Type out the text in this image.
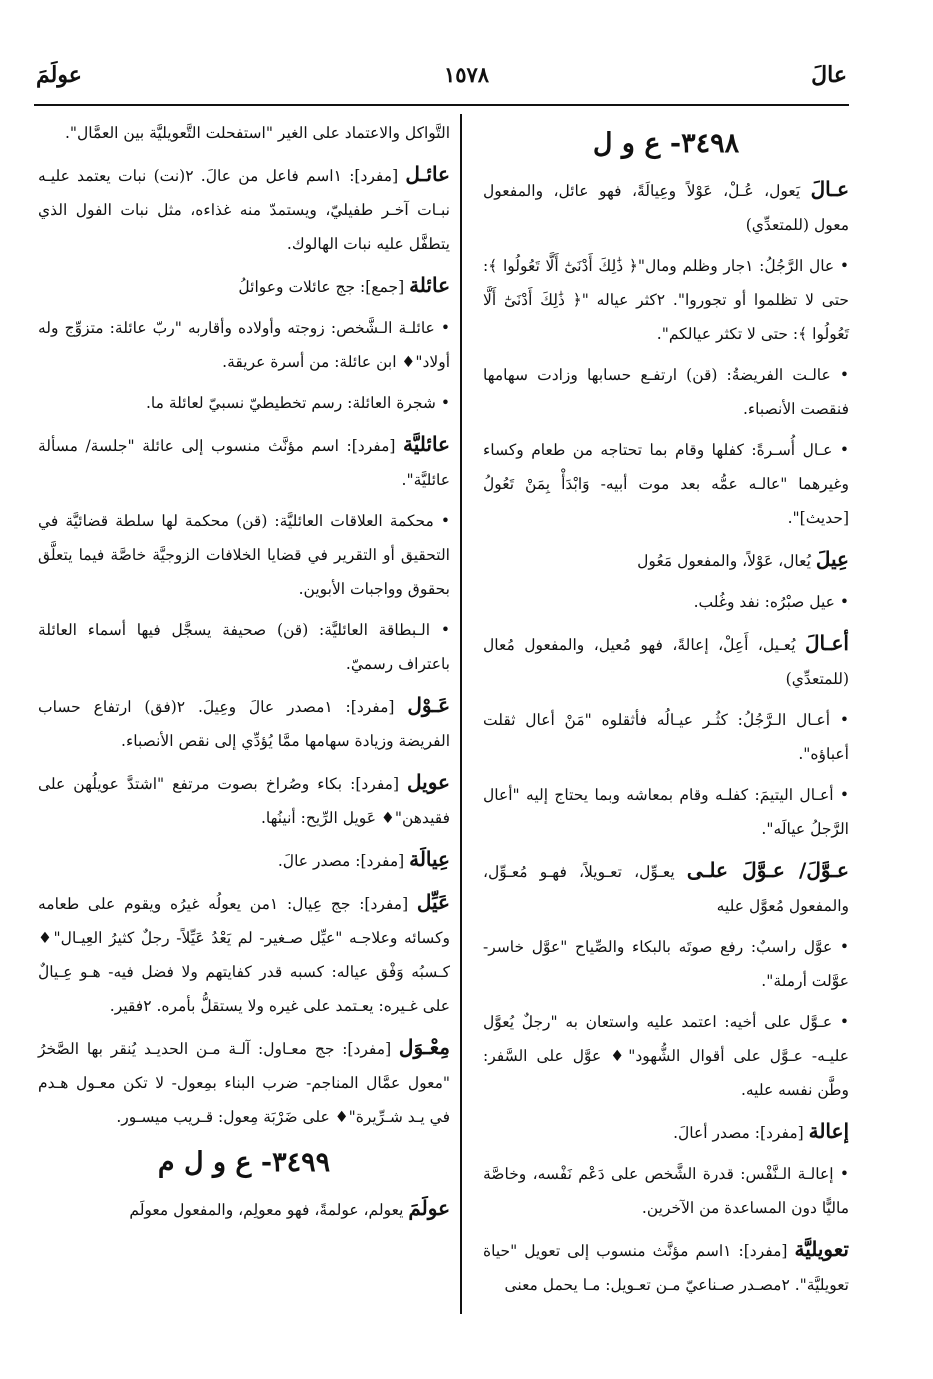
عالَ
١٥٧٨
عولَمَ

٣٤٩٨- ع و ل

عـالَ يَعول، عُـلْ، عَوْلاً وعِيالَةً، فهو عائل، والمفعول معول (للمتعدِّي)

• عال الرَّجُلُ: ١جار وظلم ومال"﴿ ذَٰلِكَ أَدْنَىٰٓ أَلَّا تَعُولُوا ﴾: حتى لا تظلموا أو تجوروا". ٢كثر عياله "﴿ ذَٰلِكَ أَدْنَىٰٓ أَلَّا تَعُولُوا ﴾: حتى لا تكثر عيالكم".

• عالـت الفريضةُ: (قن) ارتفـع حسابها وزادت سهامها فنقصت الأنصباء.

• عـال أُسـرةً: كفلها وقام بما تحتاجه من طعام وكساء وغيرهما "عالـه عمُّه بعد موت أبيه- وَابْدَأْ بِمَنْ تَعُولُ [حديث]".

عِيلَ يُعال، عَوْلاً، والمفعول مَعُول

• عيل صبْرُه: نفد وغُلب.

أعـالَ يُعـيل، أَعِلْ، إعالةً، فهو مُعيل، والمفعول مُعال (للمتعدِّي)

• أعـال الـرَّجُلُ: كثُـر عيـالُه فأثقلوه "مَنْ أعال ثقلت أعباؤه".

• أعـال اليتيمَ: كفلـه وقام بمعاشه وبما يحتاج إليه "أعال الرَّجلُ عيالَه".

عـوَّلَ/ عـوَّلَ علـى يعـوِّل، تعـويلاً، فهـو مُعـوِّل، والمفعول مُعوَّل عليه

• عوَّل راسبٌ: رفع صوتَه بالبكاء والصِّياح "عوَّل خاسر- عوَّلت أرملة".

• عـوَّل على أخيه: اعتمد عليه واستعان به "رجلٌ يُعوَّل عليـه- عـوَّل على أقوال الشُّهود"♦ عوَّل على السَّفر: وطَّن نفسه عليه.

إعالة [مفرد]: مصدر أعالَ.

• إعالـة الـنَّفْس: قدرة الشَّخص على دَعْم نَفْسه، وخاصَّة ماليًّا دون المساعدة من الآخرين.

تعويليَّة [مفرد]: ١اسم مؤنَّث منسوب إلى تعويل "حياة تعويليَّة". ٢مصـدر صـناعيّ مـن تعـويل: مـا يحمل معنى

التَّواكل والاعتماد على الغير "استفحلت التَّعويليَّة بين العمَّال".

عائـل [مفرد]: ١اسم فاعل من عالَ. ٢(نت) نبات يعتمد عليـه نبـات آخـر طفيليّ، ويستمدّ منه غذاءه، مثل نبات الفول الذي يتطفَّل عليه نبات الهالوك.

عائلة [جمع]: جج عائلات وعوائلُ

• عائلـة الـشَّخص: زوجته وأولاده وأقاربه "ربّ عائلة: متزوِّج وله أولاد"♦ ابن عائلة: من أسرة عريقة.

• شجرة العائلة: رسم تخطيطيّ نسبيّ لعائلة ما.

عائليَّة [مفرد]: اسم مؤنَّث منسوب إلى عائلة "جلسة/ مسألة عائليَّة".

• محكمة العلاقات العائليَّة: (قن) محكمة لها سلطة قضائيَّة في التحقيق أو التقرير في قضايا الخلافات الزوجيَّة خاصَّة فيما يتعلَّق بحقوق وواجبات الأبوين.

• الـبطاقة العائليَّة: (قن) صحيفة يسجَّل فيها أسماء العائلة باعتراف رسميّ.

عَـوْل [مفرد]: ١مصدر عالَ وعِيلَ. ٢(فق) ارتفاع حساب الفريضة وزيادة سهامها ممَّا يُؤدِّي إلى نقص الأنصباء.

عويل [مفرد]: بكاء وصُراخ بصوت مرتفع "اشتدَّ عويلُهن على فقيدهن"♦ عَويل الرِّيح: أنينُها.

عِيالَة [مفرد]: مصدر عالَ.

عَيِّل [مفرد]: جج عِيال: ١من يعولُه غيرُه ويقوم على طعامه وكسائه وعلاجـه "عيِّل صـغير- لم يَعْدُ عَيِّلاً- رجلٌ كثيرُ العِيـال"♦ كـسبُه وَفْق عياله: كسبه قدر كفايتهم ولا فضل فيه- هـو عِـيالٌ على غـيره: يعـتمد على غيره ولا يستقلُّ بأمره. ٢فقير.

مِعْـوَل [مفرد]: جج معـاول: آلـة مـن الحديـد يُنقر بها الصَّخرُ "معول عمَّال المناجم- ضرب البناء بمِعول- لا تكن معـول هـدم في يـد شـرِّيرة"♦ على ضَرْبَة مِعول: قـريب ميسـور.

٣٤٩٩- ع و ل م

عولَمَ يعولم، عولمةً، فهو معولِم، والمفعول معولَم
